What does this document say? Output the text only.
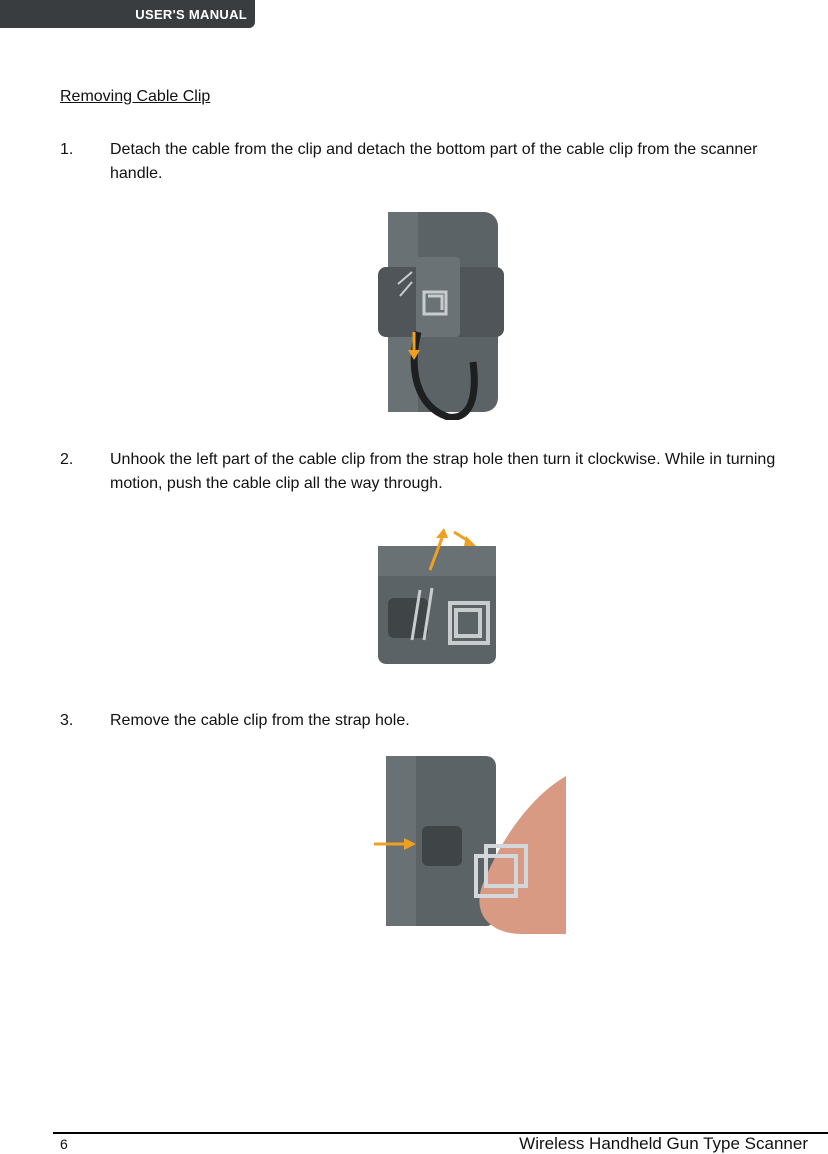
USER'S MANUAL
Removing Cable Clip
1. Detach the cable from the clip and detach the bottom part of the cable clip from the scanner handle.
2. Unhook the left part of the cable clip from the strap hole then turn it clockwise. While in turning motion, push the cable clip all the way through.
3. Remove the cable clip from the strap hole.
6	Wireless Handheld Gun Type Scanner
